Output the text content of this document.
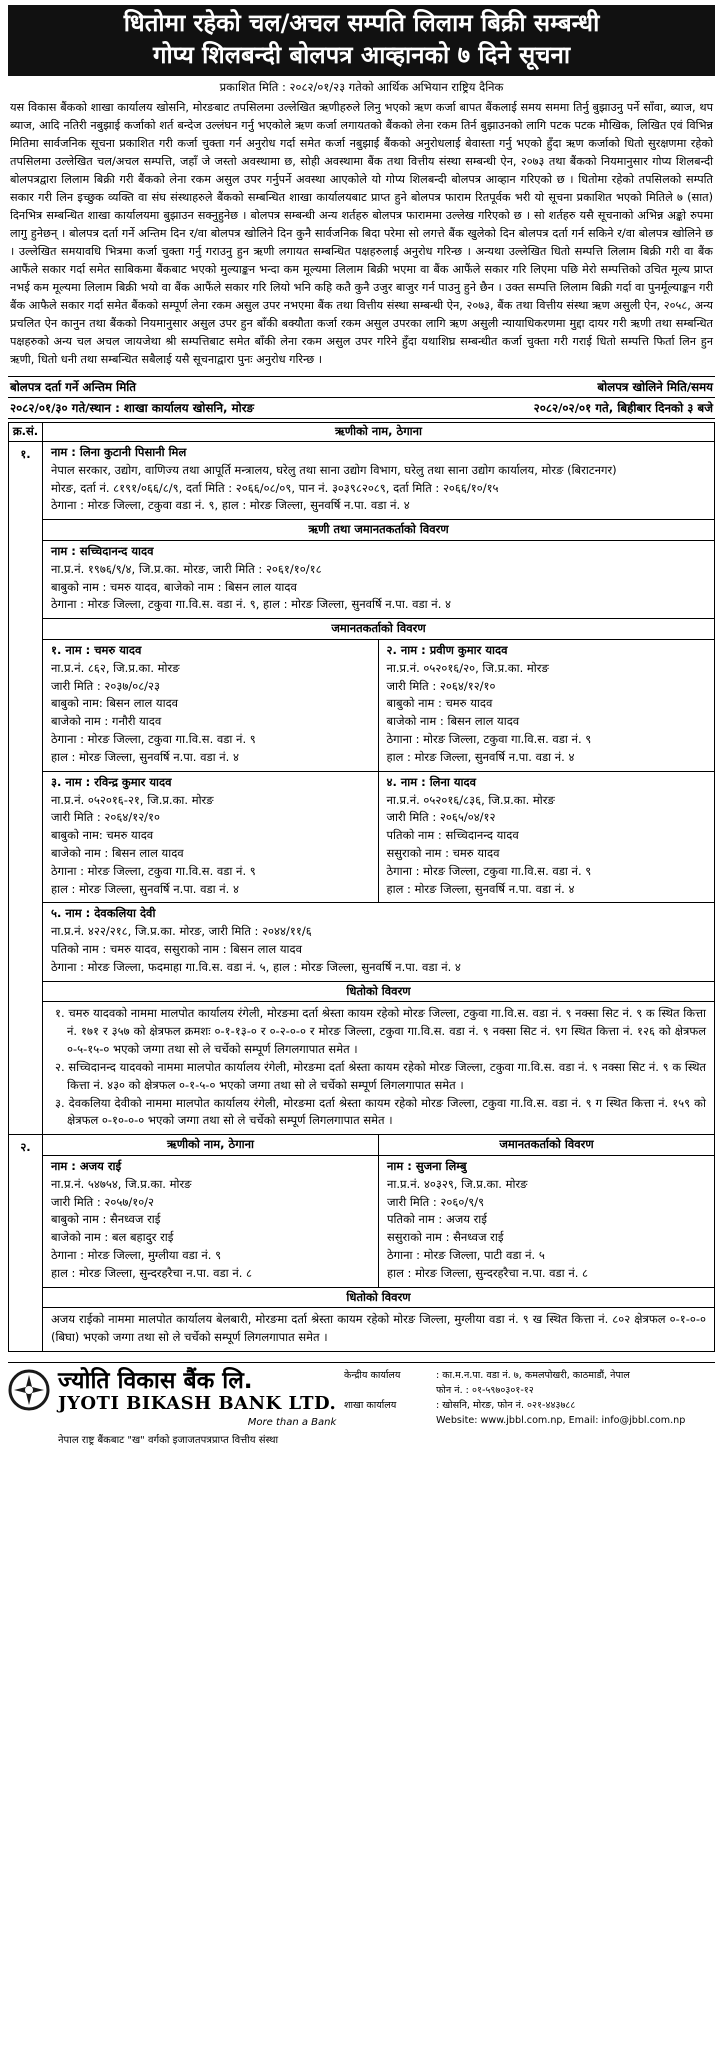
धितोमा रहेको चल/अचल सम्पति लिलाम बिक्री सम्बन्धी
गोप्य शिलबन्दी बोलपत्र आव्हानको ७ दिने सूचना
प्रकाशित मिति : २०८२/०१/२३ गतेको आर्थिक अभियान राष्ट्रिय दैनिक

यस विकास बैंकको शाखा कार्यालय खोसनि, मोरङबाट तपसिलमा उल्लेखित ऋणीहरुले लिनु भएको ऋण कर्जा बापत बैंकलाई समय सममा तिर्नु बुझाउनु पर्ने साँवा, ब्याज, थप ब्याज, आदि नतिरी नबुझाई कर्जाको शर्त बन्देज उल्लंघन गर्नु भएकोले ऋण कर्जा लगायतको बैंकको लेना रकम तिर्न बुझाउनको लागि पटक पटक मौखिक, लिखित एवं विभिन्न मितिमा सार्वजनिक सूचना प्रकाशित गरी कर्जा चुक्ता गर्न अनुरोध गर्दा समेत कर्जा नबुझाई बैंकको अनुरोधलाई बेवास्ता गर्नु भएको हुँदा ऋण कर्जाको धितो सुरक्षणमा रहेको तपसिलमा उल्लेखित चल/अचल सम्पत्ति, जहाँ जे जस्तो अवस्थामा छ, सोही अवस्थामा बैंक तथा वित्तीय संस्था सम्बन्धी ऐन, २०७३ तथा बैंकको नियमानुसार गोप्य शिलबन्दी बोलपत्रद्वारा लिलाम बिक्री गरी बैंकको लेना रकम असुल उपर गर्नुपर्ने अवस्था आएकोले यो गोप्य शिलबन्दी बोलपत्र आव्हान गरिएको छ । धितोमा रहेको तपसिलको सम्पति सकार गरी लिन इच्छुक व्यक्ति वा संघ संस्थाहरुले बैंकको सम्बन्धित शाखा कार्यालयबाट प्राप्त हुने बोलपत्र फाराम रितपूर्वक भरी यो सूचना प्रकाशित भएको मितिले ७ (सात) दिनभित्र सम्बन्धित शाखा कार्यालयमा बुझाउन सक्नुहुनेछ । बोलपत्र सम्बन्धी अन्य शर्तहरु बोलपत्र फाराममा उल्लेख गरिएको छ । सो शर्तहरु यसै सूचनाको अभिन्न अङ्को रुपमा लागु हुनेछन् । बोलपत्र दर्ता गर्ने अन्तिम दिन र/वा बोलपत्र खोलिने दिन कुनै सार्वजनिक बिदा परेमा सो लगत्ते बैंक खुलेको दिन बोलपत्र दर्ता गर्न सकिने र/वा बोलपत्र खोलिने छ । उल्लेखित समयावधि भित्रमा कर्जा चुक्ता गर्नु गराउनु हुन ऋणी लगायत सम्बन्धित पक्षहरुलाई अनुरोध गरिन्छ । अन्यथा उल्लेखित धितो सम्पत्ति लिलाम बिक्री गरी वा बैंक आफैंले सकार गर्दा समेत साबिकमा बैंकबाट भएको मुल्याङ्कन भन्दा कम मूल्यमा लिलाम बिक्री भएमा वा बैंक आफैंले सकार गरि लिएमा पछि मेरो सम्पत्तिको उचित मूल्य प्राप्त नभई कम मूल्यमा लिलाम बिक्री भयो वा बैंक आफैंले सकार गरि लियो भनि कहि कतै कुनै उजुर बाजुर गर्न पाउनु हुने छैन । उक्त सम्पत्ति लिलाम बिक्री गर्दा वा पुनर्मूल्याङ्कन गरी बैंक आफैले सकार गर्दा समेत बैंकको सम्पूर्ण लेना रकम असुल उपर नभएमा बैंक तथा वित्तीय संस्था सम्बन्धी ऐन, २०७३, बैंक तथा वित्तीय संस्था ऋण असुली ऐन, २०५८, अन्य प्रचलित ऐन कानुन तथा बैंकको नियमानुसार असुल उपर हुन बाँकी बक्यौता कर्जा रकम असुल उपरका लागि ऋण असुली न्यायाधिकरणमा मुद्दा दायर गरी ऋणी तथा सम्बन्धित पक्षहरुको अन्य चल अचल जायजेथा श्री सम्पत्तिबाट समेत बाँकी लेना रकम असुल उपर गरिने हुँदा यथाशिघ्र सम्बन्धीत कर्जा चुक्ता गरी गराई धितो सम्पत्ति फिर्ता लिन हुन ऋणी, धितो धनी तथा सम्बन्धित सबैलाई यसै सूचनाद्वारा पुनः अनुरोध गरिन्छ ।

बोलपत्र दर्ता गर्ने अन्तिम मिति	बोलपत्र खोलिने मिति/समय
२०८२/०१/३० गते/स्थान : शाखा कार्यालय खोसनि, मोरङ	२०८२/०२/०१ गते, बिहीबार दिनको ३ बजे
क्र.सं.	ऋणीको नाम, ठेगाना
१.	नाम : लिना कुटानी पिसानी मिल
नेपाल सरकार, उद्योग, वाणिज्य तथा आपूर्ति मन्त्रालय, घरेलु तथा साना उद्योग विभाग, घरेलु तथा साना उद्योग कार्यालय, मोरङ (बिराटनगर)
मोरङ, दर्ता नं. ८१९१/०६६/८/९, दर्ता मिति : २०६६/०८/०९, पान नं. ३०३९८२०८९, दर्ता मिति : २०६६/१०/१५
ठेगाना : मोरङ जिल्ला, टकुवा वडा नं. ९, हाल : मोरङ जिल्ला, सुनवर्षि न.पा. वडा नं. ४
ऋणी तथा जमानतकर्ताको विवरण
नाम : सच्चिदानन्द यादव
ना.प्र.नं. १९७६/९/४, जि.प्र.का. मोरङ, जारी मिति : २०६१/१०/१८
बाबुको नाम : चमरु यादव, बाजेको नाम : बिसन लाल यादव
ठेगाना : मोरङ जिल्ला, टकुवा गा.वि.स. वडा नं. ९, हाल : मोरङ जिल्ला, सुनवर्षि न.पा. वडा नं. ४
जमानतकर्ताको विवरण
१. नाम : चमरु यादव
ना.प्र.नं. ८६२, जि.प्र.का. मोरङ
जारी मिति : २०३७/०८/२३
बाबुको नाम: बिसन लाल यादव
बाजेको नाम : गनौरी यादव
ठेगाना : मोरङ जिल्ला, टकुवा गा.वि.स. वडा नं. ९
हाल : मोरङ जिल्ला, सुनवर्षि न.पा. वडा नं. ४
२. नाम : प्रवीण कुमार यादव
ना.प्र.नं. ०५२०१६/२०, जि.प्र.का. मोरङ
जारी मिति : २०६४/१२/१०
बाबुको नाम : चमरु यादव
बाजेको नाम : बिसन लाल यादव
ठेगाना : मोरङ जिल्ला, टकुवा गा.वि.स. वडा नं. ९
हाल : मोरङ जिल्ला, सुनवर्षि न.पा. वडा नं. ४
३. नाम : रविन्द्र कुमार यादव
ना.प्र.नं. ०५२०१६-२१, जि.प्र.का. मोरङ
जारी मिति : २०६४/१२/१०
बाबुको नाम: चमरु यादव
बाजेको नाम : बिसन लाल यादव
ठेगाना : मोरङ जिल्ला, टकुवा गा.वि.स. वडा नं. ९
हाल : मोरङ जिल्ला, सुनवर्षि न.पा. वडा नं. ४
४. नाम : लिना यादव
ना.प्र.नं. ०५२०१६/८३६, जि.प्र.का. मोरङ
जारी मिति : २०६५/०४/१२
पतिको नाम : सच्चिदानन्द यादव
ससुराको नाम : चमरु यादव
ठेगाना : मोरङ जिल्ला, टकुवा गा.वि.स. वडा नं. ९
हाल : मोरङ जिल्ला, सुनवर्षि न.पा. वडा नं. ४
५. नाम : देवकलिया देवी
ना.प्र.नं. ४२२/२१८, जि.प्र.का. मोरङ, जारी मिति : २०४४/११/६
पतिको नाम : चमरु यादव, ससुराको नाम : बिसन लाल यादव
ठेगाना : मोरङ जिल्ला, फदमाहा गा.वि.स. वडा नं. ५, हाल : मोरङ जिल्ला, सुनवर्षि न.पा. वडा नं. ४
धितोको विवरण

१. चमरु यादवको नाममा मालपोत कार्यालय रंगेली, मोरङमा दर्ता श्रेस्ता कायम रहेको मोरङ जिल्ला, टकुवा गा.वि.स. वडा नं. ९ नक्सा सिट नं. ९ क स्थित कित्ता नं. १७१ र ३५७ को क्षेत्रफल क्रमशः ०-१-१३-० र ०-२-०-० र मोरङ जिल्ला, टकुवा गा.वि.स. वडा नं. ९ नक्सा सिट नं. ९ग स्थित कित्ता नं. १२६ को क्षेत्रफल ०-५-१५-० भएको जग्गा तथा सो ले चर्चेको सम्पूर्ण लिगलगापात समेत ।

२. सच्चिदानन्द यादवको नाममा मालपोत कार्यालय रंगेली, मोरङमा दर्ता श्रेस्ता कायम रहेको मोरङ जिल्ला, टकुवा गा.वि.स. वडा नं. ९ नक्सा सिट नं. ९ क स्थित कित्ता नं. ४३० को क्षेत्रफल ०-१-५-० भएको जग्गा तथा सो ले चर्चेको सम्पूर्ण लिगलगापात समेत ।

३. देवकलिया देवीको नाममा मालपोत कार्यालय रंगेली, मोरङमा दर्ता श्रेस्ता कायम रहेको मोरङ जिल्ला, टकुवा गा.वि.स. वडा नं. ९ ग स्थित कित्ता नं. १५९ को क्षेत्रफल ०-१०-०-० भएको जग्गा तथा सो ले चर्चेको सम्पूर्ण लिगलगापात समेत ।

२.	ऋणीको नाम, ठेगाना	जमानतकर्ताको विवरण
नाम : अजय राई
ना.प्र.नं. ५४७५४, जि.प्र.का. मोरङ
जारी मिति : २०५७/१०/२
बाबुको नाम : सैनध्वज राई
बाजेको नाम : बल बहादुर राई
ठेगाना : मोरङ जिल्ला, मुग्लीया वडा नं. ९
हाल : मोरङ जिल्ला, सुन्दरहरैचा न.पा. वडा नं. ८
नाम : सुजना लिम्बु
ना.प्र.नं. ४०३२९, जि.प्र.का. मोरङ
जारी मिति : २०६०/९/९
पतिको नाम : अजय राई
ससुराको नाम : सैनध्वज राई
ठेगाना : मोरङ जिल्ला, पाटी वडा नं. ५
हाल : मोरङ जिल्ला, सुन्दरहरैचा न.पा. वडा नं. ८
धितोको विवरण
अजय राईको नाममा मालपोत कार्यालय बेलबारी, मोरङमा दर्ता श्रेस्ता कायम रहेको मोरङ जिल्ला, मुग्लीया वडा नं. ९ ख स्थित कित्ता नं. ८०२ क्षेत्रफल ०-१-०-० (बिघा) भएको जग्गा तथा सो ले चर्चेको सम्पूर्ण लिगलगापात समेत ।
ज्योति विकास बैंक लि.
JYOTI BIKASH BANK LTD.
More than a Bank
नेपाल राष्ट्र बैंकबाट "ख" वर्गको इजाजतपत्रप्राप्त वित्तीय संस्था
केन्द्रीय कार्यालय	: का.म.न.पा. वडा नं. ७, कमलपोखरी, काठमाडौं, नेपाल
फोन नं. : ०१-५९७०३०१-१२
शाखा कार्यालय	: खोसनि, मोरङ, फोन नं. ०२१-४४३७८८
Website: www.jbbl.com.np, Email: info@jbbl.com.np
